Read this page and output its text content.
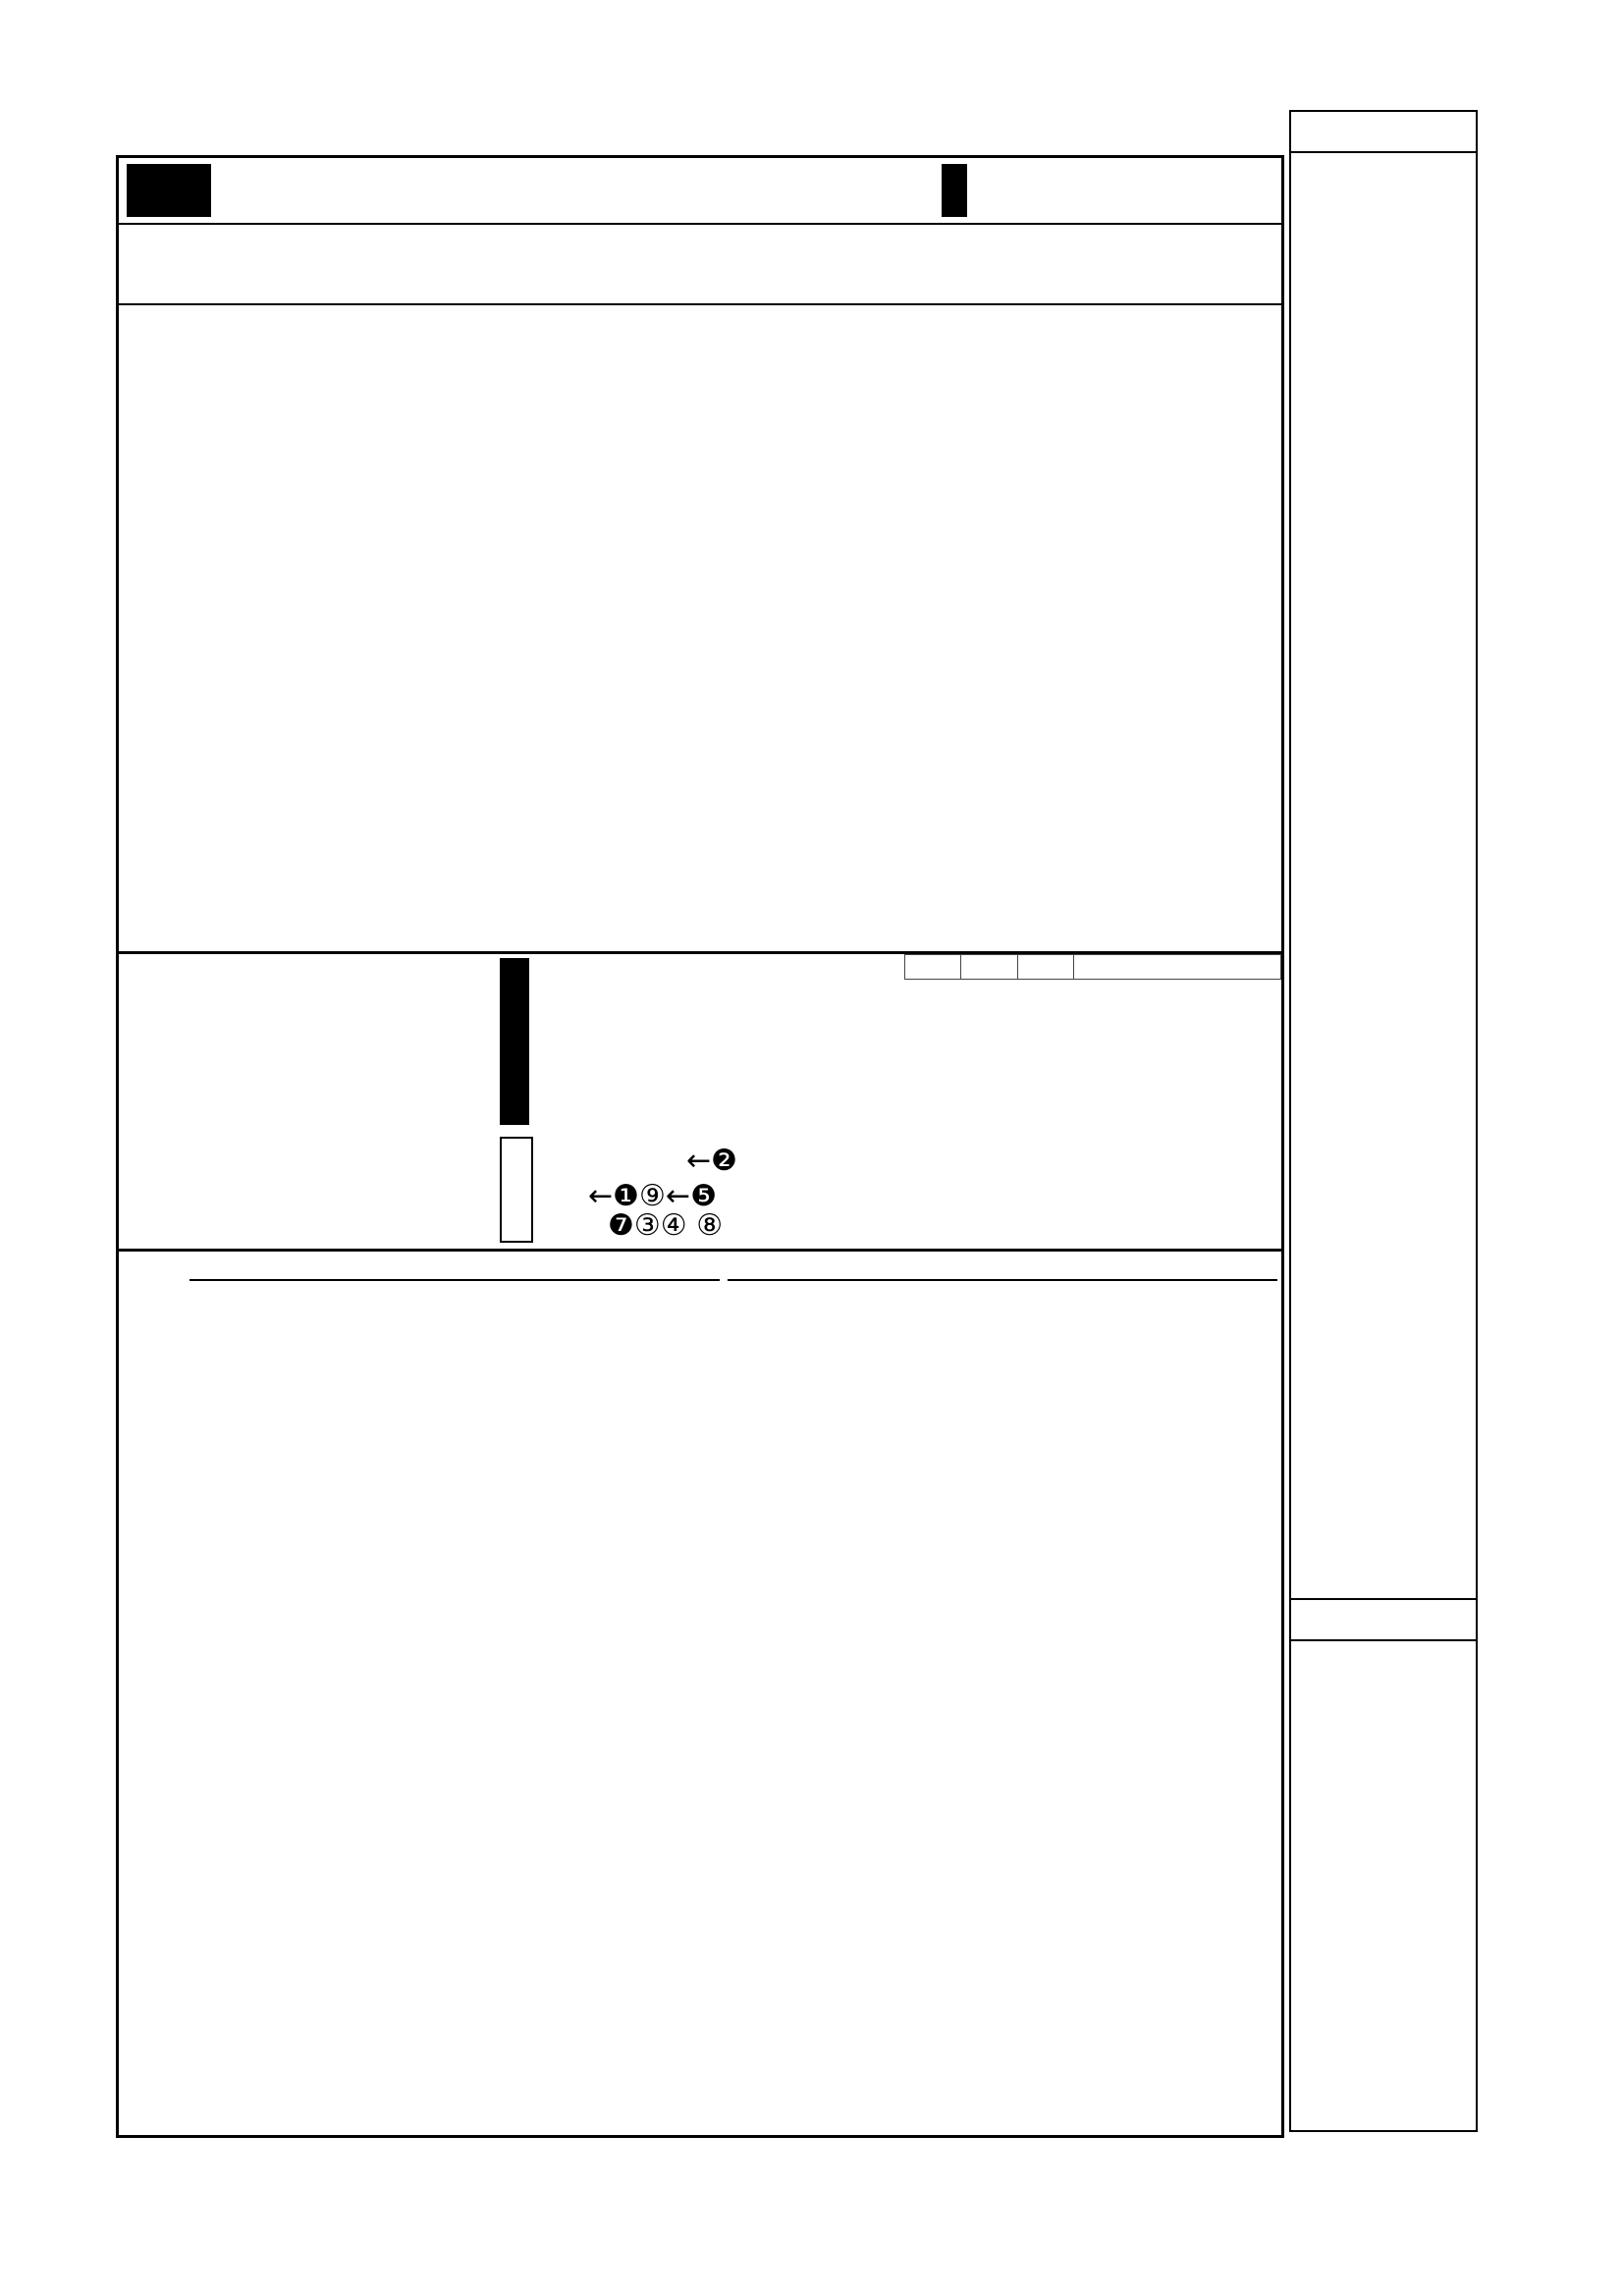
←❷
←❶⑨←❺
❼③④ ⑧
